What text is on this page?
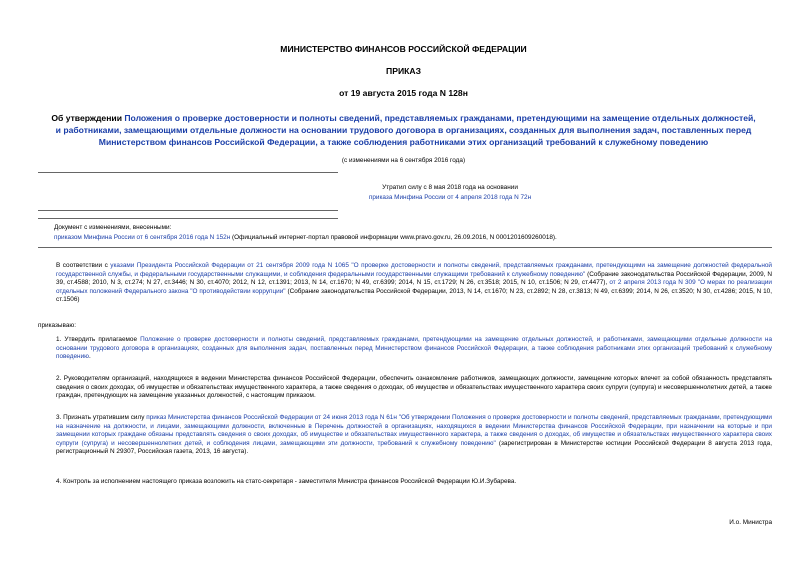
МИНИСТЕРСТВО ФИНАНСОВ РОССИЙСКОЙ ФЕДЕРАЦИИ
ПРИКАЗ
от 19 августа 2015 года N 128н
Об утверждении Положения о проверке достоверности и полноты сведений, представляемых гражданами, претендующими на замещение отдельных должностей,
и работниками, замещающими отдельные должности на основании трудового договора в организациях, созданных для выполнения задач, поставленных перед
Министерством финансов Российской Федерации, а также соблюдения работниками этих организаций требований к служебному поведению
(с изменениями на 6 сентября 2016 года)
Утратил силу с 8 мая 2018 года на основании
приказа Минфина России от 4 апреля 2018 года N 72н
Документ с изменениями, внесенными:
приказом Минфина России от 6 сентября 2016 года N 152н (Официальный интернет-портал правовой информации www.pravo.gov.ru, 26.09.2016, N 0001201609260018).
В соответствии с указами Президента Российской Федерации от 21 сентября 2009 года N 1065 "О проверке достоверности и полноты сведений, представляемых гражданами, претендующими на замещение должностей федеральной государственной службы, и федеральными государственными служащими, и соблюдения федеральными государственными служащими требований к служебному поведению" (Собрание законодательства Российской Федерации, 2009, N 39, ст.4588; 2010, N 3, ст.274; N 27, ст.3446; N 30, ст.4070; 2012, N 12, ст.1391; 2013, N 14, ст.1670; N 49, ст.6399; 2014, N 15, ст.1729; N 26, ст.3518; 2015, N 10, ст.1506; N 29, ст.4477), от 2 апреля 2013 года N 309 "О мерах по реализации отдельных положений Федерального закона "О противодействии коррупции" (Собрание законодательства Российской Федерации, 2013, N 14, ст.1670; N 23, ст.2892; N 28, ст.3813; N 49, ст.6399; 2014, N 26, ст.3520; N 30, ст.4286; 2015, N 10, ст.1506)
приказываю:
1. Утвердить прилагаемое Положение о проверке достоверности и полноты сведений, представляемых гражданами, претендующими на замещение отдельных должностей, и работниками, замещающими отдельные должности на основании трудового договора в организациях, созданных для выполнения задач, поставленных перед Министерством финансов Российской Федерации, а также соблюдения работниками этих организаций требований к служебному поведению.
2. Руководителям организаций, находящихся в ведении Министерства финансов Российской Федерации, обеспечить ознакомление работников, замещающих должности, замещение которых влечет за собой обязанность представлять сведения о своих доходах, об имуществе и обязательствах имущественного характера, а также сведения о доходах, об имуществе и обязательствах имущественного характера своих супруги (супруга) и несовершеннолетних детей, а также граждан, претендующих на замещение указанных должностей, с настоящим приказом.
3. Признать утратившим силу приказ Министерства финансов Российской Федерации от 24 июня 2013 года N 61н "Об утверждении Положения о проверке достоверности и полноты сведений, представляемых гражданами, претендующими на назначение на должности, и лицами, замещающими должности, включенные в Перечень должностей в организациях, находящихся в ведении Министерства финансов Российской Федерации, при назначении на которые и при замещении которых граждане обязаны представлять сведения о своих доходах, об имуществе и обязательствах имущественного характера, а также сведения о доходах, об имуществе и обязательствах имущественного характера своих супруги (супруга) и несовершеннолетних детей, и соблюдения лицами, замещающими эти должности, требований к служебному поведению" (зарегистрирован в Министерстве юстиции Российской Федерации 8 августа 2013 года, регистрационный N 29307, Российская газета, 2013, 16 августа).
4. Контроль за исполнением настоящего приказа возложить на статс-секретаря - заместителя Министра финансов Российской Федерации Ю.И.Зубарева.
И.о. Министра
